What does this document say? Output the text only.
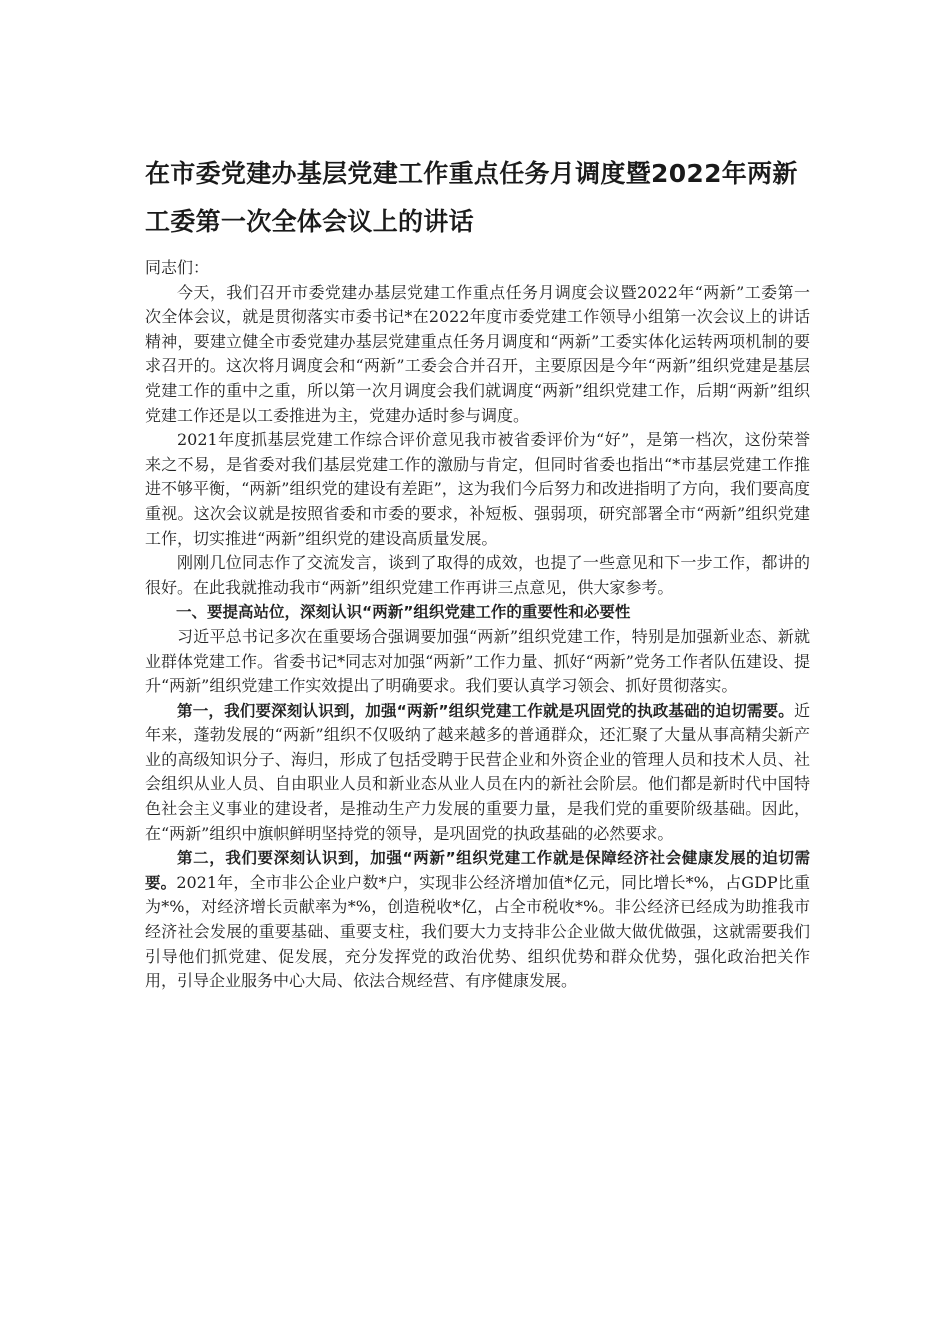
在市委党建办基层党建工作重点任务月调度暨2022年两新工委第一次全体会议上的讲话

同志们：

今天，我们召开市委党建办基层党建工作重点任务月调度会议暨2022年“两新”工委第一次全体会议，就是贯彻落实市委书记*在2022年度市委党建工作领导小组第一次会议上的讲话精神，要建立健全市委党建办基层党建重点任务月调度和“两新”工委实体化运转两项机制的要求召开的。这次将月调度会和“两新”工委会合并召开，主要原因是今年“两新”组织党建是基层党建工作的重中之重，所以第一次月调度会我们就调度“两新”组织党建工作，后期“两新”组织党建工作还是以工委推进为主，党建办适时参与调度。

2021年度抓基层党建工作综合评价意见我市被省委评价为“好”，是第一档次，这份荣誉来之不易，是省委对我们基层党建工作的激励与肯定，但同时省委也指出“*市基层党建工作推进不够平衡，“两新”组织党的建设有差距”，这为我们今后努力和改进指明了方向，我们要高度重视。这次会议就是按照省委和市委的要求，补短板、强弱项，研究部署全市“两新”组织党建工作，切实推进“两新”组织党的建设高质量发展。

刚刚几位同志作了交流发言，谈到了取得的成效，也提了一些意见和下一步工作，都讲的很好。在此我就推动我市“两新”组织党建工作再讲三点意见，供大家参考。

一、要提高站位，深刻认识“两新”组织党建工作的重要性和必要性

习近平总书记多次在重要场合强调要加强“两新”组织党建工作，特别是加强新业态、新就业群体党建工作。省委书记*同志对加强“两新”工作力量、抓好“两新”党务工作者队伍建设、提升“两新”组织党建工作实效提出了明确要求。我们要认真学习领会、抓好贯彻落实。

第一，我们要深刻认识到，加强“两新”组织党建工作就是巩固党的执政基础的迫切需要。近年来，蓬勃发展的“两新”组织不仅吸纳了越来越多的普通群众，还汇聚了大量从事高精尖新产业的高级知识分子、海归，形成了包括受聘于民营企业和外资企业的管理人员和技术人员、社会组织从业人员、自由职业人员和新业态从业人员在内的新社会阶层。他们都是新时代中国特色社会主义事业的建设者，是推动生产力发展的重要力量，是我们党的重要阶级基础。因此，在“两新”组织中旗帜鲜明坚持党的领导，是巩固党的执政基础的必然要求。

第二，我们要深刻认识到，加强“两新”组织党建工作就是保障经济社会健康发展的迫切需要。2021年，全市非公企业户数*户，实现非公经济增加值*亿元，同比增长*%，占GDP比重为*%，对经济增长贡献率为*%，创造税收*亿，占全市税收*%。非公经济已经成为助推我市经济社会发展的重要基础、重要支柱，我们要大力支持非公企业做大做优做强，这就需要我们引导他们抓党建、促发展，充分发挥党的政治优势、组织优势和群众优势，强化政治把关作用，引导企业服务中心大局、依法合规经营、有序健康发展。
